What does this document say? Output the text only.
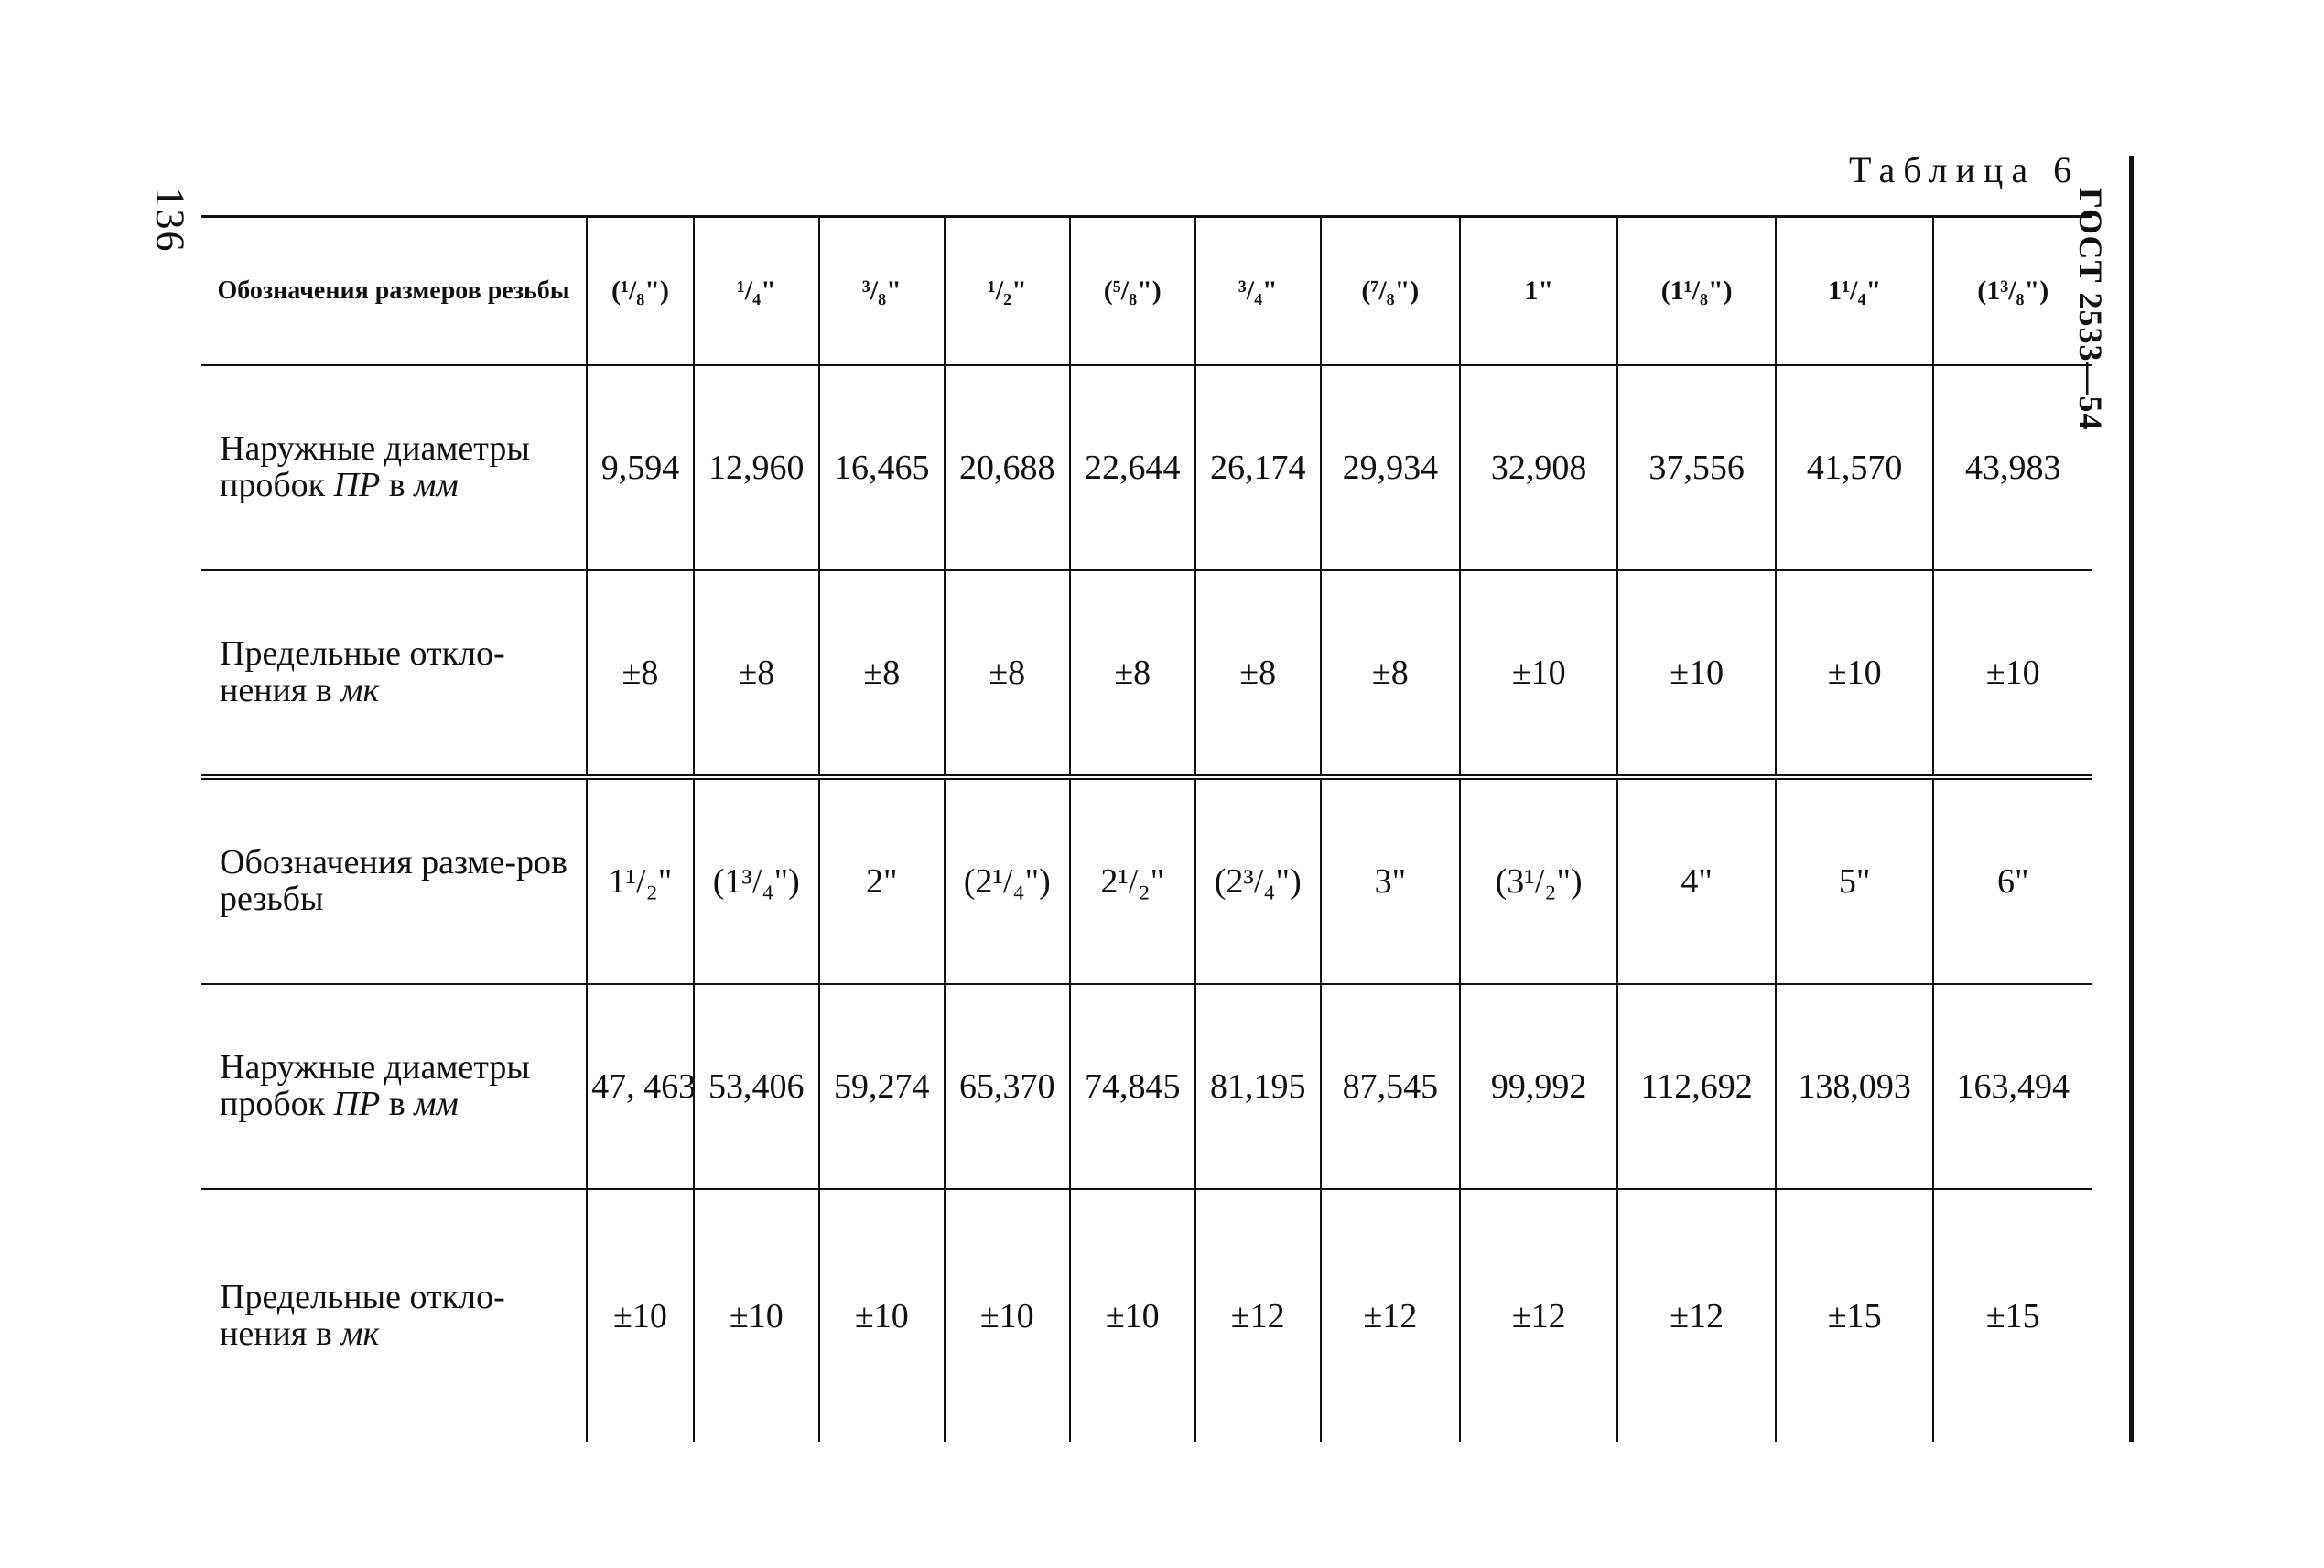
136	ГОСТ 2533—54
Таблица 6
Обозначения размеров резьбы	(¹/₈")	¹/₄"	³/₈"	¹/₂"	(⁵/₈")	³/₄"	(⁷/₈")	1"	(1¹/₈")	1¹/₄"	(1³/₈")
Наружные диаметры пробок ПР в мм	9,594	12,960	16,465	20,688	22,644	26,174	29,934	32,908	37,556	41,570	43,983
Предельные откло-нения в мк	±8	±8	±8	±8	±8	±8	±8	±10	±10	±10	±10
Обозначения разме-ров резьбы	1¹/₂"	(1³/₄")	2"	(2¹/₄")	2¹/₂"	(2³/₄")	3"	(3¹/₂")	4"	5"	6"
Наружные диаметры пробок ПР в мм	47, 463	53,406	59,274	65,370	74,845	81,195	87,545	99,992	112,692	138,093	163,494
Предельные откло-нения в мк	±10	±10	±10	±10	±10	±12	±12	±12	±12	±15	±15
